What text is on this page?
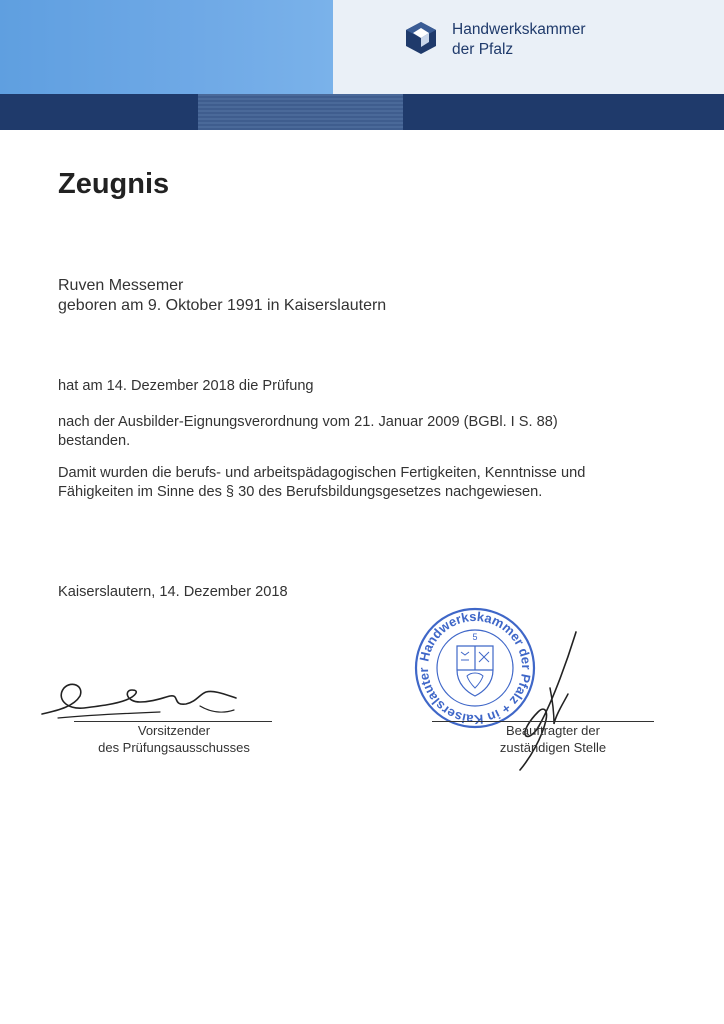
Handwerkskammer
der Pfalz
Zeugnis

Ruven Messemer
geboren am 9. Oktober 1991 in Kaiserslautern

hat am 14. Dezember 2018 die Prüfung

nach der Ausbilder-Eignungsverordnung vom 21. Januar 2009 (BGBl. I S. 88)
bestanden.

Damit wurden die berufs- und arbeitspädagogischen Fertigkeiten, Kenntnisse und
Fähigkeiten im Sinne des § 30 des Berufsbildungsgesetzes nachgewiesen.

Kaiserslautern, 14. Dezember 2018

Vorsitzender
des Prüfungsausschusses
Handwerkskammer der Pfalz + in Kaiserslautern +
5
Beauftragter der
zuständigen Stelle
